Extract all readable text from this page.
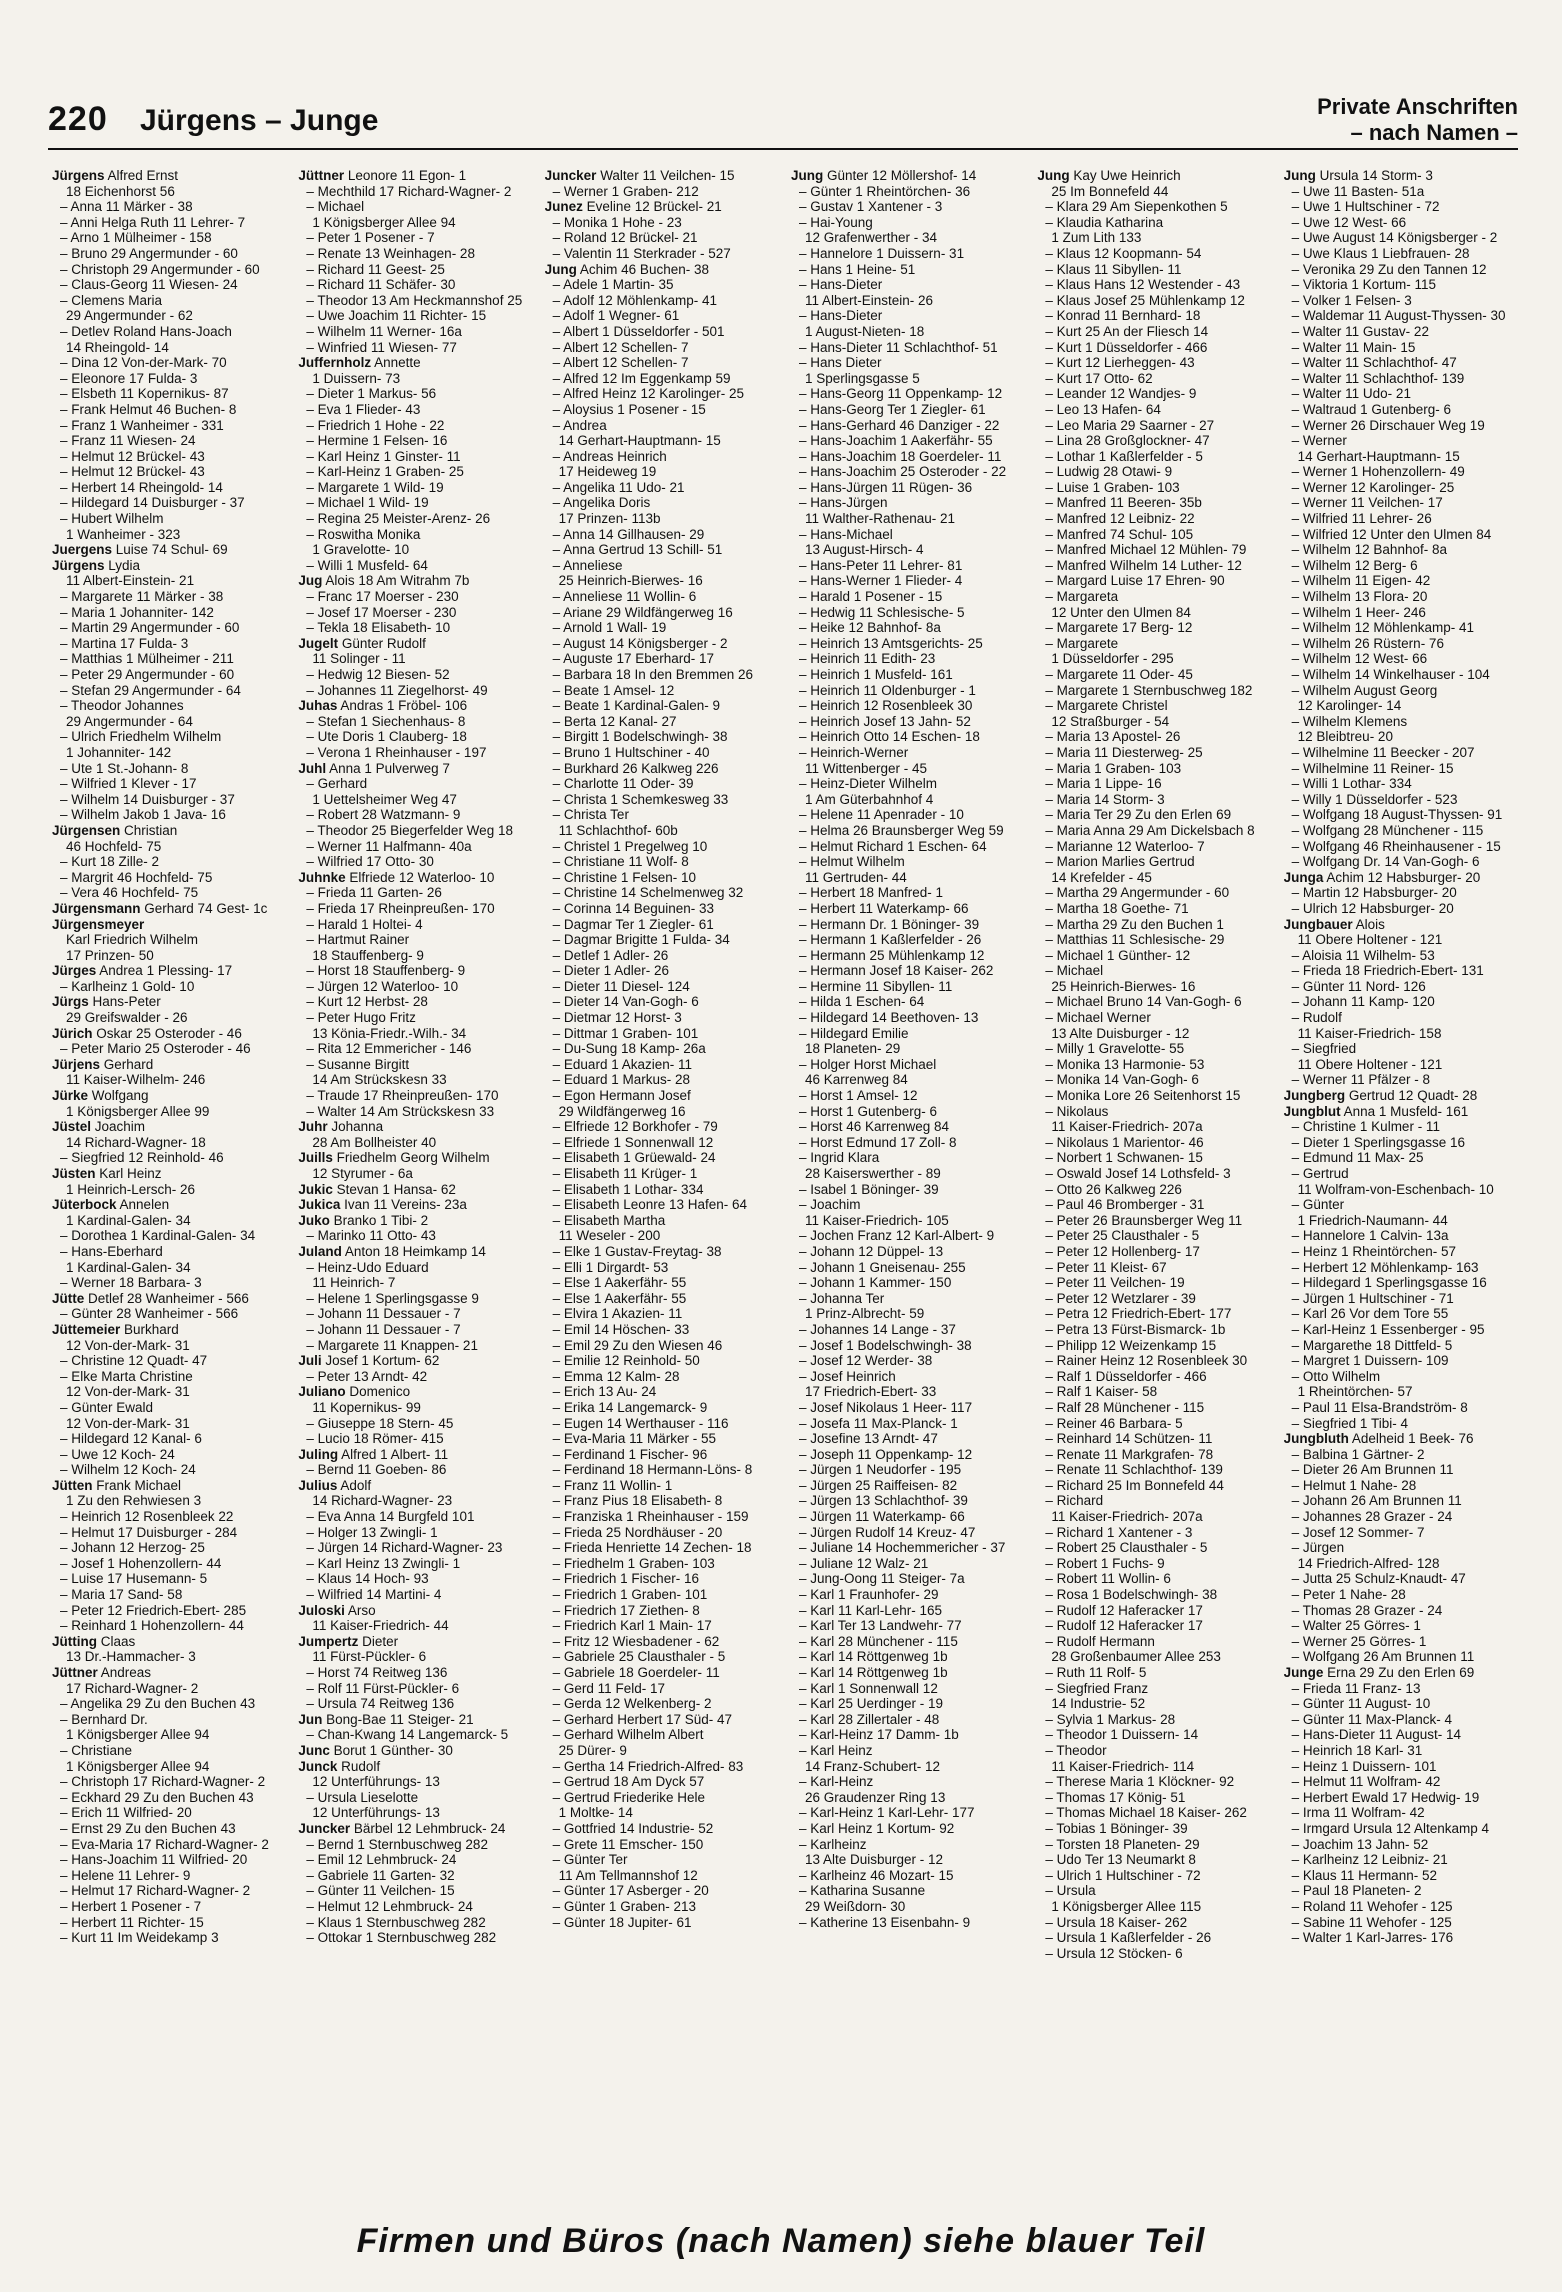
220 Jürgens – Junge	Private Anschriften
– nach Namen –
Jürgens Alfred Ernst
18 Eichenhorst 56
– Anna 11 Märker - 38
– Anni Helga Ruth 11 Lehrer- 7
– Arno 1 Mülheimer - 158
– Bruno 29 Angermunder - 60
– Christoph 29 Angermunder - 60
– Claus-Georg 11 Wiesen- 24
– Clemens Maria
29 Angermunder - 62
– Detlev Roland Hans-Joach
14 Rheingold- 14
– Dina 12 Von-der-Mark- 70
– Eleonore 17 Fulda- 3
– Elsbeth 11 Kopernikus- 87
– Frank Helmut 46 Buchen- 8
– Franz 1 Wanheimer - 331
– Franz 11 Wiesen- 24
– Helmut 12 Brückel- 43
– Helmut 12 Brückel- 43
– Herbert 14 Rheingold- 14
– Hildegard 14 Duisburger - 37
– Hubert Wilhelm
1 Wanheimer - 323
Juergens Luise 74 Schul- 69
Jürgens Lydia
11 Albert-Einstein- 21
– Margarete 11 Märker - 38
– Maria 1 Johanniter- 142
– Martin 29 Angermunder - 60
– Martina 17 Fulda- 3
– Matthias 1 Mülheimer - 211
– Peter 29 Angermunder - 60
– Stefan 29 Angermunder - 64
– Theodor Johannes
29 Angermunder - 64
– Ulrich Friedhelm Wilhelm
1 Johanniter- 142
– Ute 1 St.-Johann- 8
– Wilfried 1 Klever - 17
– Wilhelm 14 Duisburger - 37
– Wilhelm Jakob 1 Java- 16
Jürgensen Christian
46 Hochfeld- 75
– Kurt 18 Zille- 2
– Margrit 46 Hochfeld- 75
– Vera 46 Hochfeld- 75
Jürgensmann Gerhard 74 Gest- 1c
Jürgensmeyer
Karl Friedrich Wilhelm
17 Prinzen- 50
Jürges Andrea 1 Plessing- 17
– Karlheinz 1 Gold- 10
Jürgs Hans-Peter
29 Greifswalder - 26
Jürich Oskar 25 Osteroder - 46
– Peter Mario 25 Osteroder - 46
Jürjens Gerhard
11 Kaiser-Wilhelm- 246
Jürke Wolfgang
1 Königsberger Allee 99
Jüstel Joachim
14 Richard-Wagner- 18
– Siegfried 12 Reinhold- 46
Jüsten Karl Heinz
1 Heinrich-Lersch- 26
Jüterbock Annelen
1 Kardinal-Galen- 34
– Dorothea 1 Kardinal-Galen- 34
– Hans-Eberhard
1 Kardinal-Galen- 34
– Werner 18 Barbara- 3
Jütte Detlef 28 Wanheimer - 566
– Günter 28 Wanheimer - 566
Jüttemeier Burkhard
12 Von-der-Mark- 31
– Christine 12 Quadt- 47
– Elke Marta Christine
12 Von-der-Mark- 31
– Günter Ewald
12 Von-der-Mark- 31
– Hildegard 12 Kanal- 6
– Uwe 12 Koch- 24
– Wilhelm 12 Koch- 24
Jütten Frank Michael
1 Zu den Rehwiesen 3
– Heinrich 12 Rosenbleek 22
– Helmut 17 Duisburger - 284
– Johann 12 Herzog- 25
– Josef 1 Hohenzollern- 44
– Luise 17 Husemann- 5
– Maria 17 Sand- 58
– Peter 12 Friedrich-Ebert- 285
– Reinhard 1 Hohenzollern- 44
Jütting Claas
13 Dr.-Hammacher- 3
Jüttner Andreas
17 Richard-Wagner- 2
– Angelika 29 Zu den Buchen 43
– Bernhard Dr.
1 Königsberger Allee 94
– Christiane
1 Königsberger Allee 94
– Christoph 17 Richard-Wagner- 2
– Eckhard 29 Zu den Buchen 43
– Erich 11 Wilfried- 20
– Ernst 29 Zu den Buchen 43
– Eva-Maria 17 Richard-Wagner- 2
– Hans-Joachim 11 Wilfried- 20
– Helene 11 Lehrer- 9
– Helmut 17 Richard-Wagner- 2
– Herbert 1 Posener - 7
– Herbert 11 Richter- 15
– Kurt 11 Im Weidekamp 3
Jüttner Leonore 11 Egon- 1
– Mechthild 17 Richard-Wagner- 2
– Michael
1 Königsberger Allee 94
– Peter 1 Posener - 7
– Renate 13 Weinhagen- 28
– Richard 11 Geest- 25
– Richard 11 Schäfer- 30
– Theodor 13 Am Heckmannshof 25
– Uwe Joachim 11 Richter- 15
– Wilhelm 11 Werner- 16a
– Winfried 11 Wiesen- 77
Juffernholz Annette
1 Duissern- 73
– Dieter 1 Markus- 56
– Eva 1 Flieder- 43
– Friedrich 1 Hohe - 22
– Hermine 1 Felsen- 16
– Karl Heinz 1 Ginster- 11
– Karl-Heinz 1 Graben- 25
– Margarete 1 Wild- 19
– Michael 1 Wild- 19
– Regina 25 Meister-Arenz- 26
– Roswitha Monika
1 Gravelotte- 10
– Willi 1 Musfeld- 64
Jug Alois 18 Am Witrahm 7b
– Franc 17 Moerser - 230
– Josef 17 Moerser - 230
– Tekla 18 Elisabeth- 10
Jugelt Günter Rudolf
11 Solinger - 11
– Hedwig 12 Biesen- 52
– Johannes 11 Ziegelhorst- 49
Juhas Andras 1 Fröbel- 106
– Stefan 1 Siechenhaus- 8
– Ute Doris 1 Clauberg- 18
– Verona 1 Rheinhauser - 197
Juhl Anna 1 Pulverweg 7
– Gerhard
1 Uettelsheimer Weg 47
– Robert 28 Watzmann- 9
– Theodor 25 Biegerfelder Weg 18
– Werner 11 Halfmann- 40a
– Wilfried 17 Otto- 30
Juhnke Elfriede 12 Waterloo- 10
– Frieda 11 Garten- 26
– Frieda 17 Rheinpreußen- 170
– Harald 1 Holtei- 4
– Hartmut Rainer
18 Stauffenberg- 9
– Horst 18 Stauffenberg- 9
– Jürgen 12 Waterloo- 10
– Kurt 12 Herbst- 28
– Peter Hugo Fritz
13 Könia-Friedr.-Wilh.- 34
– Rita 12 Emmericher - 146
– Susanne Birgitt
14 Am Strückskesn 33
– Traude 17 Rheinpreußen- 170
– Walter 14 Am Strückskesn 33
Juhr Johanna
28 Am Bollheister 40
Juills Friedhelm Georg Wilhelm
12 Styrumer - 6a
Jukic Stevan 1 Hansa- 62
Jukica Ivan 11 Vereins- 23a
Juko Branko 1 Tibi- 2
– Marinko 11 Otto- 43
Juland Anton 18 Heimkamp 14
– Heinz-Udo Eduard
11 Heinrich- 7
– Helene 1 Sperlingsgasse 9
– Johann 11 Dessauer - 7
– Johann 11 Dessauer - 7
– Margarete 11 Knappen- 21
Juli Josef 1 Kortum- 62
– Peter 13 Arndt- 42
Juliano Domenico
11 Kopernikus- 99
– Giuseppe 18 Stern- 45
– Lucio 18 Römer- 415
Juling Alfred 1 Albert- 11
– Bernd 11 Goeben- 86
Julius Adolf
14 Richard-Wagner- 23
– Eva Anna 14 Burgfeld 101
– Holger 13 Zwingli- 1
– Jürgen 14 Richard-Wagner- 23
– Karl Heinz 13 Zwingli- 1
– Klaus 14 Hoch- 93
– Wilfried 14 Martini- 4
Juloski Arso
11 Kaiser-Friedrich- 44
Jumpertz Dieter
11 Fürst-Pückler- 6
– Horst 74 Reitweg 136
– Rolf 11 Fürst-Pückler- 6
– Ursula 74 Reitweg 136
Jun Bong-Bae 11 Steiger- 21
– Chan-Kwang 14 Langemarck- 5
Junc Borut 1 Günther- 30
Junck Rudolf
12 Unterführungs- 13
– Ursula Lieselotte
12 Unterführungs- 13
Juncker Bärbel 12 Lehmbruck- 24
– Bernd 1 Sternbuschweg 282
– Emil 12 Lehmbruck- 24
– Gabriele 11 Garten- 32
– Günter 11 Veilchen- 15
– Helmut 12 Lehmbruck- 24
– Klaus 1 Sternbuschweg 282
– Ottokar 1 Sternbuschweg 282
Juncker Walter 11 Veilchen- 15
– Werner 1 Graben- 212
Junez Eveline 12 Brückel- 21
– Monika 1 Hohe - 23
– Roland 12 Brückel- 21
– Valentin 11 Sterkrader - 527
Jung Achim 46 Buchen- 38
– Adele 1 Martin- 35
– Adolf 12 Möhlenkamp- 41
– Adolf 1 Wegner- 61
– Albert 1 Düsseldorfer - 501
– Albert 12 Schellen- 7
– Albert 12 Schellen- 7
– Alfred 12 Im Eggenkamp 59
– Alfred Heinz 12 Karolinger- 25
– Aloysius 1 Posener - 15
– Andrea
14 Gerhart-Hauptmann- 15
– Andreas Heinrich
17 Heideweg 19
– Angelika 11 Udo- 21
– Angelika Doris
17 Prinzen- 113b
– Anna 14 Gillhausen- 29
– Anna Gertrud 13 Schill- 51
– Anneliese
25 Heinrich-Bierwes- 16
– Anneliese 11 Wollin- 6
– Ariane 29 Wildfängerweg 16
– Arnold 1 Wall- 19
– August 14 Königsberger - 2
– Auguste 17 Eberhard- 17
– Barbara 18 In den Bremmen 26
– Beate 1 Amsel- 12
– Beate 1 Kardinal-Galen- 9
– Berta 12 Kanal- 27
– Birgitt 1 Bodelschwingh- 38
– Bruno 1 Hultschiner - 40
– Burkhard 26 Kalkweg 226
– Charlotte 11 Oder- 39
– Christa 1 Schemkesweg 33
– Christa Ter
11 Schlachthof- 60b
– Christel 1 Pregelweg 10
– Christiane 11 Wolf- 8
– Christine 1 Felsen- 10
– Christine 14 Schelmenweg 32
– Corinna 14 Beguinen- 33
– Dagmar Ter 1 Ziegler- 61
– Dagmar Brigitte 1 Fulda- 34
– Detlef 1 Adler- 26
– Dieter 1 Adler- 26
– Dieter 11 Diesel- 124
– Dieter 14 Van-Gogh- 6
– Dietmar 12 Horst- 3
– Dittmar 1 Graben- 101
– Du-Sung 18 Kamp- 26a
– Eduard 1 Akazien- 11
– Eduard 1 Markus- 28
– Egon Hermann Josef
29 Wildfängerweg 16
– Elfriede 12 Borkhofer - 79
– Elfriede 1 Sonnenwall 12
– Elisabeth 1 Grüewald- 24
– Elisabeth 11 Krüger- 1
– Elisabeth 1 Lothar- 334
– Elisabeth Leonre 13 Hafen- 64
– Elisabeth Martha
11 Weseler - 200
– Elke 1 Gustav-Freytag- 38
– Elli 1 Dirgardt- 53
– Else 1 Aakerfähr- 55
– Else 1 Aakerfähr- 55
– Elvira 1 Akazien- 11
– Emil 14 Höschen- 33
– Emil 29 Zu den Wiesen 46
– Emilie 12 Reinhold- 50
– Emma 12 Kalm- 28
– Erich 13 Au- 24
– Erika 14 Langemarck- 9
– Eugen 14 Werthauser - 116
– Eva-Maria 11 Märker - 55
– Ferdinand 1 Fischer- 96
– Ferdinand 18 Hermann-Löns- 8
– Franz 11 Wollin- 1
– Franz Pius 18 Elisabeth- 8
– Franziska 1 Rheinhauser - 159
– Frieda 25 Nordhäuser - 20
– Frieda Henriette 14 Zechen- 18
– Friedhelm 1 Graben- 103
– Friedrich 1 Fischer- 16
– Friedrich 1 Graben- 101
– Friedrich 17 Ziethen- 8
– Friedrich Karl 1 Main- 17
– Fritz 12 Wiesbadener - 62
– Gabriele 25 Clausthaler - 5
– Gabriele 18 Goerdeler- 11
– Gerd 11 Feld- 17
– Gerda 12 Welkenberg- 2
– Gerhard Herbert 17 Süd- 47
– Gerhard Wilhelm Albert
25 Dürer- 9
– Gertha 14 Friedrich-Alfred- 83
– Gertrud 18 Am Dyck 57
– Gertrud Friederike Hele
1 Moltke- 14
– Gottfried 14 Industrie- 52
– Grete 11 Emscher- 150
– Günter Ter
11 Am Tellmannshof 12
– Günter 17 Asberger - 20
– Günter 1 Graben- 213
– Günter 18 Jupiter- 61
Jung Günter 12 Möllershof- 14
– Günter 1 Rheintörchen- 36
– Gustav 1 Xantener - 3
– Hai-Young
12 Grafenwerther - 34
– Hannelore 1 Duissern- 31
– Hans 1 Heine- 51
– Hans-Dieter
11 Albert-Einstein- 26
– Hans-Dieter
1 August-Nieten- 18
– Hans-Dieter 11 Schlachthof- 51
– Hans Dieter
1 Sperlingsgasse 5
– Hans-Georg 11 Oppenkamp- 12
– Hans-Georg Ter 1 Ziegler- 61
– Hans-Gerhard 46 Danziger - 22
– Hans-Joachim 1 Aakerfähr- 55
– Hans-Joachim 18 Goerdeler- 11
– Hans-Joachim 25 Osteroder - 22
– Hans-Jürgen 11 Rügen- 36
– Hans-Jürgen
11 Walther-Rathenau- 21
– Hans-Michael
13 August-Hirsch- 4
– Hans-Peter 11 Lehrer- 81
– Hans-Werner 1 Flieder- 4
– Harald 1 Posener - 15
– Hedwig 11 Schlesische- 5
– Heike 12 Bahnhof- 8a
– Heinrich 13 Amtsgerichts- 25
– Heinrich 11 Edith- 23
– Heinrich 1 Musfeld- 161
– Heinrich 11 Oldenburger - 1
– Heinrich 12 Rosenbleek 30
– Heinrich Josef 13 Jahn- 52
– Heinrich Otto 14 Eschen- 18
– Heinrich-Werner
11 Wittenberger - 45
– Heinz-Dieter Wilhelm
1 Am Güterbahnhof 4
– Helene 11 Apenrader - 10
– Helma 26 Braunsberger Weg 59
– Helmut Richard 1 Eschen- 64
– Helmut Wilhelm
11 Gertruden- 44
– Herbert 18 Manfred- 1
– Herbert 11 Waterkamp- 66
– Hermann Dr. 1 Böninger- 39
– Hermann 1 Kaßlerfelder - 26
– Hermann 25 Mühlenkamp 12
– Hermann Josef 18 Kaiser- 262
– Hermine 11 Sibyllen- 11
– Hilda 1 Eschen- 64
– Hildegard 14 Beethoven- 13
– Hildegard Emilie
18 Planeten- 29
– Holger Horst Michael
46 Karrenweg 84
– Horst 1 Amsel- 12
– Horst 1 Gutenberg- 6
– Horst 46 Karrenweg 84
– Horst Edmund 17 Zoll- 8
– Ingrid Klara
28 Kaiserswerther - 89
– Isabel 1 Böninger- 39
– Joachim
11 Kaiser-Friedrich- 105
– Jochen Franz 12 Karl-Albert- 9
– Johann 12 Düppel- 13
– Johann 1 Gneisenau- 255
– Johann 1 Kammer- 150
– Johanna Ter
1 Prinz-Albrecht- 59
– Johannes 14 Lange - 37
– Josef 1 Bodelschwingh- 38
– Josef 12 Werder- 38
– Josef Heinrich
17 Friedrich-Ebert- 33
– Josef Nikolaus 1 Heer- 117
– Josefa 11 Max-Planck- 1
– Josefine 13 Arndt- 47
– Joseph 11 Oppenkamp- 12
– Jürgen 1 Neudorfer - 195
– Jürgen 25 Raiffeisen- 82
– Jürgen 13 Schlachthof- 39
– Jürgen 11 Waterkamp- 66
– Jürgen Rudolf 14 Kreuz- 47
– Juliane 14 Hochemmericher - 37
– Juliane 12 Walz- 21
– Jung-Oong 11 Steiger- 7a
– Karl 1 Fraunhofer- 29
– Karl 11 Karl-Lehr- 165
– Karl Ter 13 Landwehr- 77
– Karl 28 Münchener - 115
– Karl 14 Röttgenweg 1b
– Karl 14 Röttgenweg 1b
– Karl 1 Sonnenwall 12
– Karl 25 Uerdinger - 19
– Karl 28 Zillertaler - 48
– Karl-Heinz 17 Damm- 1b
– Karl Heinz
14 Franz-Schubert- 12
– Karl-Heinz
26 Graudenzer Ring 13
– Karl-Heinz 1 Karl-Lehr- 177
– Karl Heinz 1 Kortum- 92
– Karlheinz
13 Alte Duisburger - 12
– Karlheinz 46 Mozart- 15
– Katharina Susanne
29 Weißdorn- 30
– Katherine 13 Eisenbahn- 9
Jung Kay Uwe Heinrich
25 Im Bonnefeld 44
– Klara 29 Am Siepenkothen 5
– Klaudia Katharina
1 Zum Lith 133
– Klaus 12 Koopmann- 54
– Klaus 11 Sibyllen- 11
– Klaus Hans 12 Westender - 43
– Klaus Josef 25 Mühlenkamp 12
– Konrad 11 Bernhard- 18
– Kurt 25 An der Fliesch 14
– Kurt 1 Düsseldorfer - 466
– Kurt 12 Lierheggen- 43
– Kurt 17 Otto- 62
– Leander 12 Wandjes- 9
– Leo 13 Hafen- 64
– Leo Maria 29 Saarner - 27
– Lina 28 Großglockner- 47
– Lothar 1 Kaßlerfelder - 5
– Ludwig 28 Otawi- 9
– Luise 1 Graben- 103
– Manfred 11 Beeren- 35b
– Manfred 12 Leibniz- 22
– Manfred 74 Schul- 105
– Manfred Michael 12 Mühlen- 79
– Manfred Wilhelm 14 Luther- 12
– Margard Luise 17 Ehren- 90
– Margareta
12 Unter den Ulmen 84
– Margarete 17 Berg- 12
– Margarete
1 Düsseldorfer - 295
– Margarete 11 Oder- 45
– Margarete 1 Sternbuschweg 182
– Margarete Christel
12 Straßburger - 54
– Maria 13 Apostel- 26
– Maria 11 Diesterweg- 25
– Maria 1 Graben- 103
– Maria 1 Lippe- 16
– Maria 14 Storm- 3
– Maria Ter 29 Zu den Erlen 69
– Maria Anna 29 Am Dickelsbach 8
– Marianne 12 Waterloo- 7
– Marion Marlies Gertrud
14 Krefelder - 45
– Martha 29 Angermunder - 60
– Martha 18 Goethe- 71
– Martha 29 Zu den Buchen 1
– Matthias 11 Schlesische- 29
– Michael 1 Günther- 12
– Michael
25 Heinrich-Bierwes- 16
– Michael Bruno 14 Van-Gogh- 6
– Michael Werner
13 Alte Duisburger - 12
– Milly 1 Gravelotte- 55
– Monika 13 Harmonie- 53
– Monika 14 Van-Gogh- 6
– Monika Lore 26 Seitenhorst 15
– Nikolaus
11 Kaiser-Friedrich- 207a
– Nikolaus 1 Marientor- 46
– Norbert 1 Schwanen- 15
– Oswald Josef 14 Lothsfeld- 3
– Otto 26 Kalkweg 226
– Paul 46 Bromberger - 31
– Peter 26 Braunsberger Weg 11
– Peter 25 Clausthaler - 5
– Peter 12 Hollenberg- 17
– Peter 11 Kleist- 67
– Peter 11 Veilchen- 19
– Peter 12 Wetzlarer - 39
– Petra 12 Friedrich-Ebert- 177
– Petra 13 Fürst-Bismarck- 1b
– Philipp 12 Weizenkamp 15
– Rainer Heinz 12 Rosenbleek 30
– Ralf 1 Düsseldorfer - 466
– Ralf 1 Kaiser- 58
– Ralf 28 Münchener - 115
– Reiner 46 Barbara- 5
– Reinhard 14 Schützen- 11
– Renate 11 Markgrafen- 78
– Renate 11 Schlachthof- 139
– Richard 25 Im Bonnefeld 44
– Richard
11 Kaiser-Friedrich- 207a
– Richard 1 Xantener - 3
– Robert 25 Clausthaler - 5
– Robert 1 Fuchs- 9
– Robert 11 Wollin- 6
– Rosa 1 Bodelschwingh- 38
– Rudolf 12 Haferacker 17
– Rudolf 12 Haferacker 17
– Rudolf Hermann
28 Großenbaumer Allee 253
– Ruth 11 Rolf- 5
– Siegfried Franz
14 Industrie- 52
– Sylvia 1 Markus- 28
– Theodor 1 Duissern- 14
– Theodor
11 Kaiser-Friedrich- 114
– Therese Maria 1 Klöckner- 92
– Thomas 17 König- 51
– Thomas Michael 18 Kaiser- 262
– Tobias 1 Böninger- 39
– Torsten 18 Planeten- 29
– Udo Ter 13 Neumarkt 8
– Ulrich 1 Hultschiner - 72
– Ursula
1 Königsberger Allee 115
– Ursula 18 Kaiser- 262
– Ursula 1 Kaßlerfelder - 26
– Ursula 12 Stöcken- 6
Jung Ursula 14 Storm- 3
– Uwe 11 Basten- 51a
– Uwe 1 Hultschiner - 72
– Uwe 12 West- 66
– Uwe August 14 Königsberger - 2
– Uwe Klaus 1 Liebfrauen- 28
– Veronika 29 Zu den Tannen 12
– Viktoria 1 Kortum- 115
– Volker 1 Felsen- 3
– Waldemar 11 August-Thyssen- 30
– Walter 11 Gustav- 22
– Walter 11 Main- 15
– Walter 11 Schlachthof- 47
– Walter 11 Schlachthof- 139
– Walter 11 Udo- 21
– Waltraud 1 Gutenberg- 6
– Werner 26 Dirschauer Weg 19
– Werner
14 Gerhart-Hauptmann- 15
– Werner 1 Hohenzollern- 49
– Werner 12 Karolinger- 25
– Werner 11 Veilchen- 17
– Wilfried 11 Lehrer- 26
– Wilfried 12 Unter den Ulmen 84
– Wilhelm 12 Bahnhof- 8a
– Wilhelm 12 Berg- 6
– Wilhelm 11 Eigen- 42
– Wilhelm 13 Flora- 20
– Wilhelm 1 Heer- 246
– Wilhelm 12 Möhlenkamp- 41
– Wilhelm 26 Rüstern- 76
– Wilhelm 12 West- 66
– Wilhelm 14 Winkelhauser - 104
– Wilhelm August Georg
12 Karolinger- 14
– Wilhelm Klemens
12 Bleibtreu- 20
– Wilhelmine 11 Beecker - 207
– Wilhelmine 11 Reiner- 15
– Willi 1 Lothar- 334
– Willy 1 Düsseldorfer - 523
– Wolfgang 18 August-Thyssen- 91
– Wolfgang 28 Münchener - 115
– Wolfgang 46 Rheinhausener - 15
– Wolfgang Dr. 14 Van-Gogh- 6
Junga Achim 12 Habsburger- 20
– Martin 12 Habsburger- 20
– Ulrich 12 Habsburger- 20
Jungbauer Alois
11 Obere Holtener - 121
– Aloisia 11 Wilhelm- 53
– Frieda 18 Friedrich-Ebert- 131
– Günter 11 Nord- 126
– Johann 11 Kamp- 120
– Rudolf
11 Kaiser-Friedrich- 158
– Siegfried
11 Obere Holtener - 121
– Werner 11 Pfälzer - 8
Jungberg Gertrud 12 Quadt- 28
Jungblut Anna 1 Musfeld- 161
– Christine 1 Kulmer - 11
– Dieter 1 Sperlingsgasse 16
– Edmund 11 Max- 25
– Gertrud
11 Wolfram-von-Eschenbach- 10
– Günter
1 Friedrich-Naumann- 44
– Hannelore 1 Calvin- 13a
– Heinz 1 Rheintörchen- 57
– Herbert 12 Möhlenkamp- 163
– Hildegard 1 Sperlingsgasse 16
– Jürgen 1 Hultschiner - 71
– Karl 26 Vor dem Tore 55
– Karl-Heinz 1 Essenberger - 95
– Margarethe 18 Dittfeld- 5
– Margret 1 Duissern- 109
– Otto Wilhelm
1 Rheintörchen- 57
– Paul 11 Elsa-Brandström- 8
– Siegfried 1 Tibi- 4
Jungbluth Adelheid 1 Beek- 76
– Balbina 1 Gärtner- 2
– Dieter 26 Am Brunnen 11
– Helmut 1 Nahe- 28
– Johann 26 Am Brunnen 11
– Johannes 28 Grazer - 24
– Josef 12 Sommer- 7
– Jürgen
14 Friedrich-Alfred- 128
– Jutta 25 Schulz-Knaudt- 47
– Peter 1 Nahe- 28
– Thomas 28 Grazer - 24
– Walter 25 Görres- 1
– Werner 25 Görres- 1
– Wolfgang 26 Am Brunnen 11
Junge Erna 29 Zu den Erlen 69
– Frieda 11 Franz- 13
– Günter 11 August- 10
– Günter 11 Max-Planck- 4
– Hans-Dieter 11 August- 14
– Heinrich 18 Karl- 31
– Heinz 1 Duissern- 101
– Helmut 11 Wolfram- 42
– Herbert Ewald 17 Hedwig- 19
– Irma 11 Wolfram- 42
– Irmgard Ursula 12 Altenkamp 4
– Joachim 13 Jahn- 52
– Karlheinz 12 Leibniz- 21
– Klaus 11 Hermann- 52
– Paul 18 Planeten- 2
– Roland 11 Wehofer - 125
– Sabine 11 Wehofer - 125
– Walter 1 Karl-Jarres- 176
Firmen und Büros (nach Namen) siehe blauer Teil
